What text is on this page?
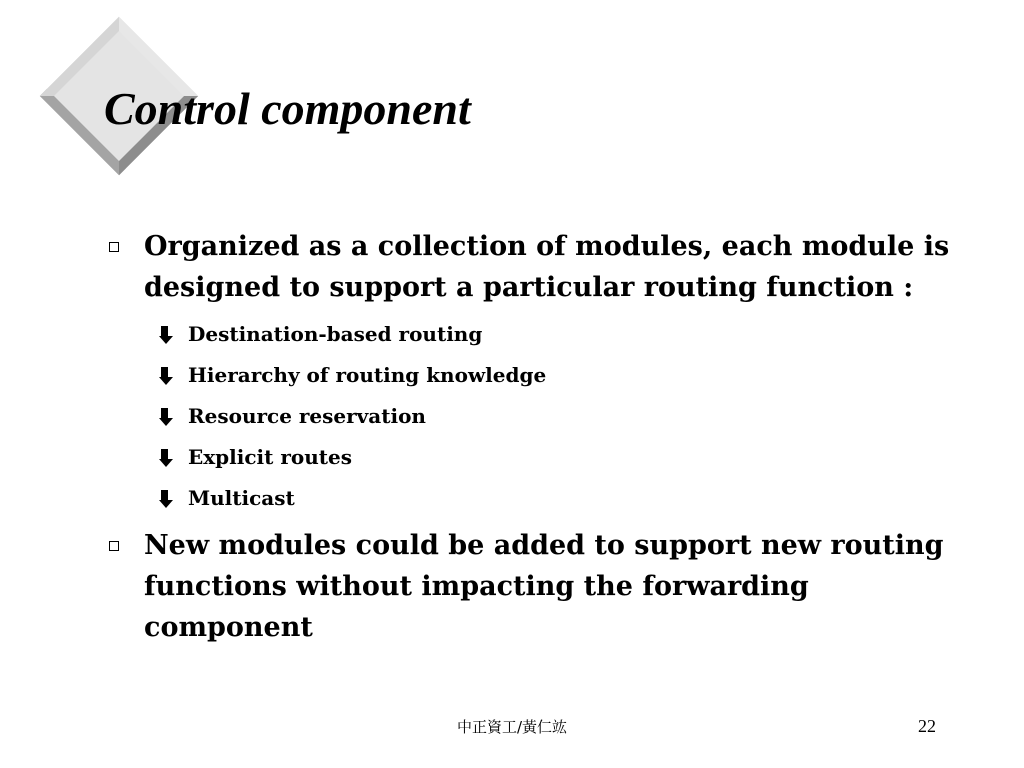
Control component
Organized as a collection of modules, each module is designed to support a particular routing function :
Destination-based routing
Hierarchy of routing knowledge
Resource reservation
Explicit routes
Multicast
New modules could be added to support new routing functions without impacting the forwarding component
中正資工/黃仁竑	22
